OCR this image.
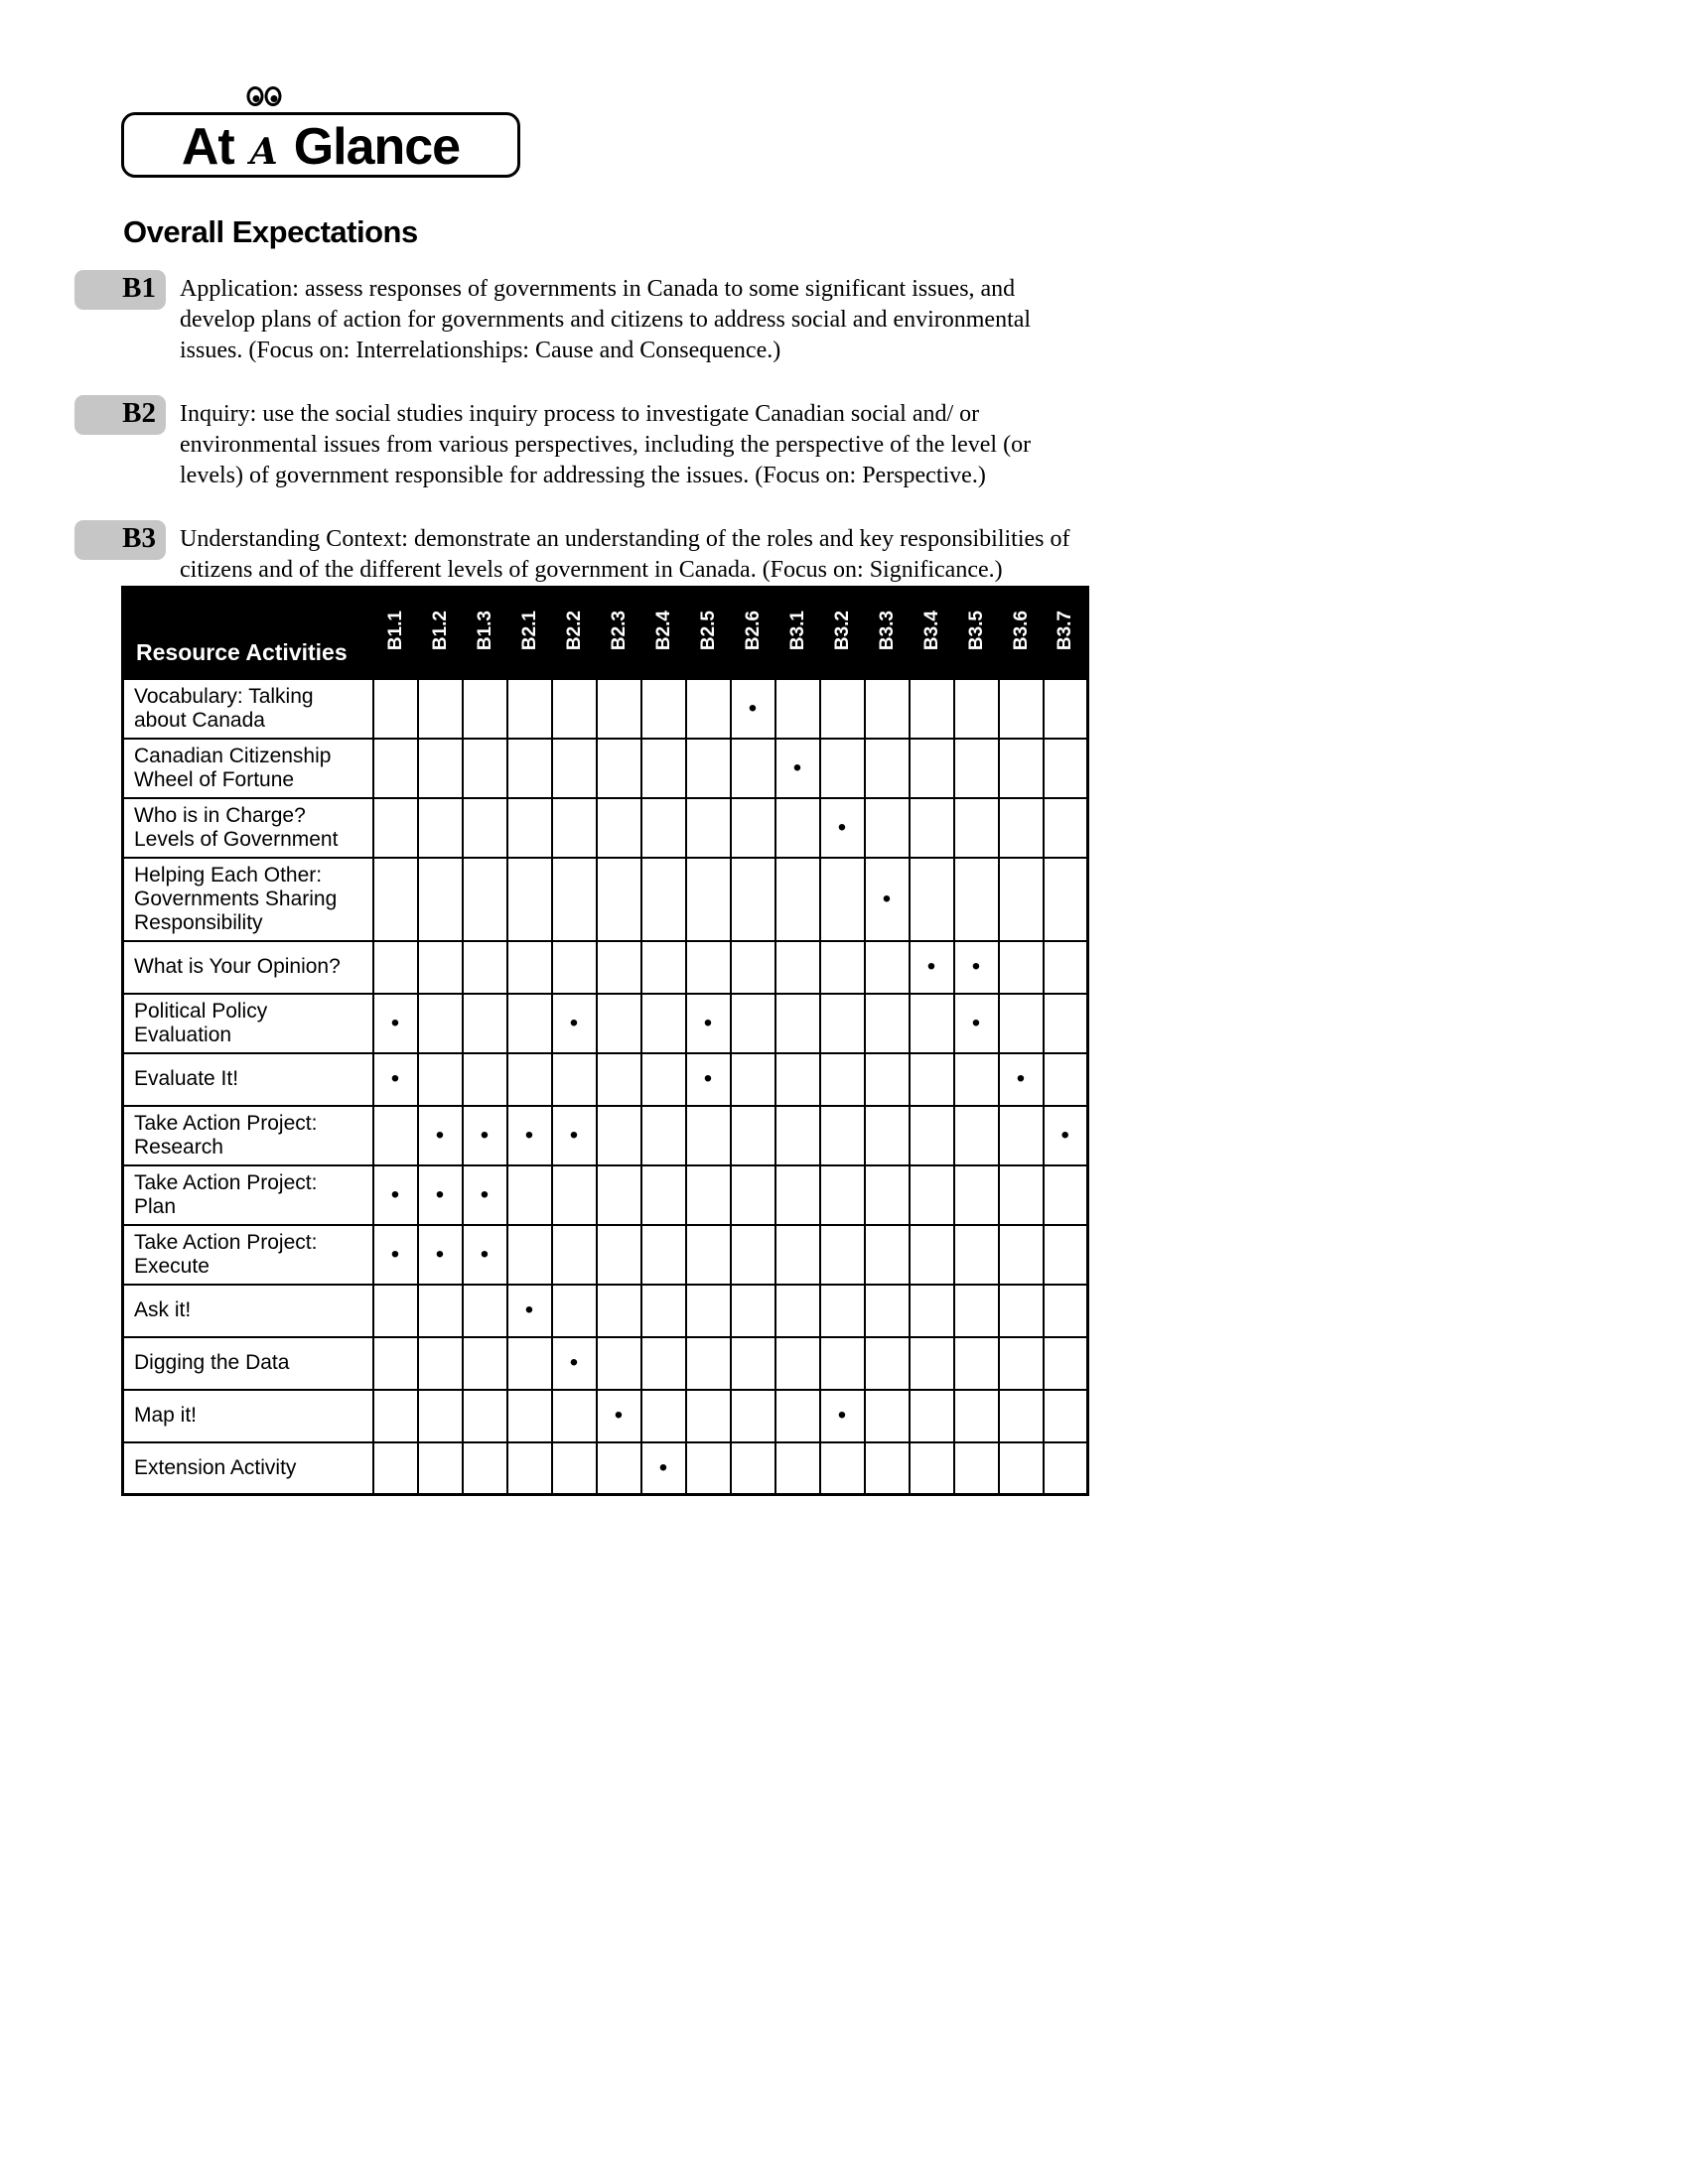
At A Glance
Overall Expectations
B1	Application: assess responses of governments in Canada to some significant issues, and develop plans of action for governments and citizens to address social and environmental issues. (Focus on: Interrelationships: Cause and Consequence.)

B2	Inquiry: use the social studies inquiry process to investigate Canadian social and/ or environmental issues from various perspectives, including the perspective of the level (or levels) of government responsible for addressing the issues. (Focus on: Perspective.)

B3	Understanding Context: demonstrate an understanding of the roles and key responsibilities of citizens and of the different levels of government in Canada. (Focus on: Significance.)

Resource Activities	B1.1	B1.2	B1.3	B2.1	B2.2	B2.3	B2.4	B2.5	B2.6	B3.1	B3.2	B3.3	B3.4	B3.5	B3.6	B3.7
Vocabulary: Talking about Canada									•							
Canadian Citizenship Wheel of Fortune										•						
Who is in Charge? Levels of Government											•					
Helping Each Other: Governments Sharing Responsibility												•				
What is Your Opinion?													•	•		
Political Policy Evaluation	•				•			•						•		
Evaluate It!	•							•							•	
Take Action Project: Research		•	•	•	•											•
Take Action Project: Plan	•	•	•													
Take Action Project: Execute	•	•	•													
Ask it!				•												
Digging the Data					•											
Map it!						•					•					
Extension Activity							•									
